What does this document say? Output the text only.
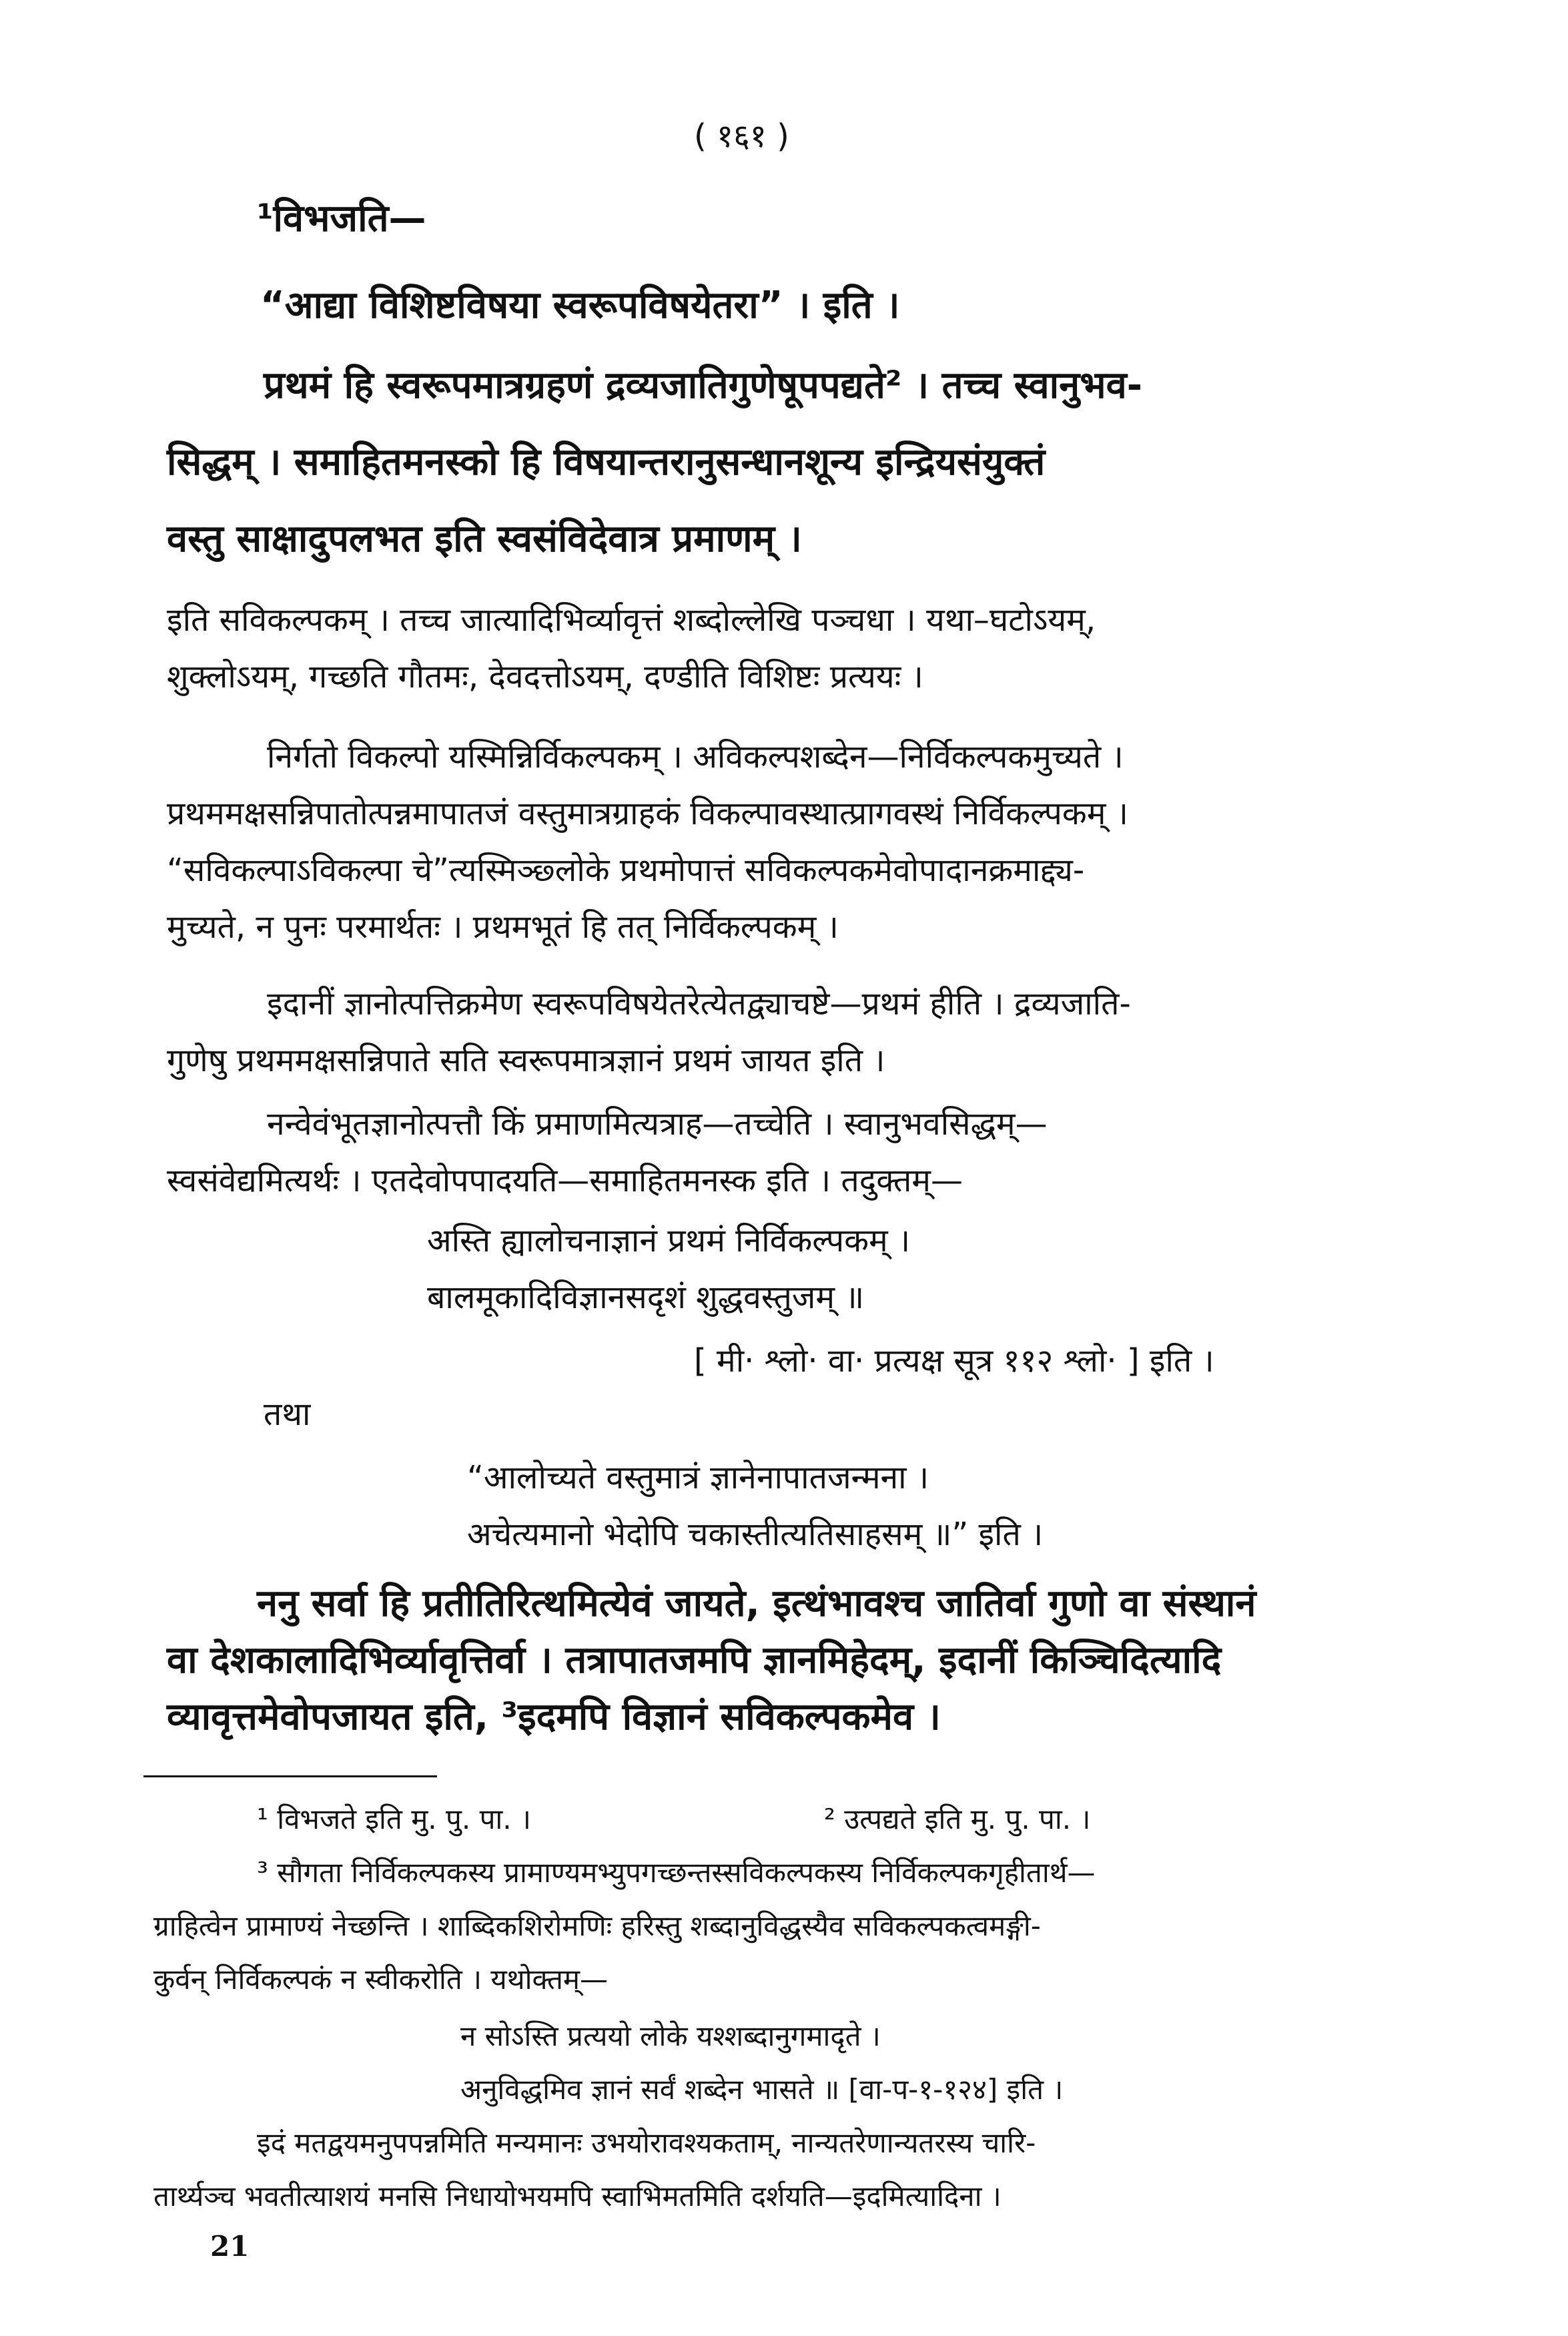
( १६१ )
¹विभजति—
“आद्या विशिष्टविषया स्वरूपविषयेतरा” । इति ।
प्रथमं हि स्वरूपमात्रग्रहणं द्रव्यजातिगुणेषूपपद्यते² । तच्च स्वानुभव-
सिद्धम् । समाहितमनस्को हि विषयान्तरानुसन्धानशून्य इन्द्रियसंयुक्तं
वस्तु साक्षादुपलभत इति स्वसंविदेवात्र प्रमाणम् ।
इति सविकल्पकम् । तच्च जात्यादिभिर्व्यावृत्तं शब्दोल्लेखि पञ्चधा । यथा–घटोऽयम्,
शुक्लोऽयम्, गच्छति गौतमः, देवदत्तोऽयम्, दण्डीति विशिष्टः प्रत्ययः ।
निर्गतो विकल्पो यस्मिन्निर्विकल्पकम् । अविकल्पशब्देन—निर्विकल्पकमुच्यते ।
प्रथममक्षसन्निपातोत्पन्नमापातजं वस्तुमात्रग्राहकं विकल्पावस्थात्प्रागवस्थं निर्विकल्पकम् ।
“सविकल्पाऽविकल्पा चे”त्यस्मिञ्छ्लोके प्रथमोपात्तं सविकल्पकमेवोपादानक्रमाद्द्य-
मुच्यते, न पुनः परमार्थतः । प्रथमभूतं हि तत् निर्विकल्पकम् ।
इदानीं ज्ञानोत्पत्तिक्रमेण स्वरूपविषयेतरेत्येतद्व्याचष्टे—प्रथमं हीति । द्रव्यजाति-
गुणेषु प्रथममक्षसन्निपाते सति स्वरूपमात्रज्ञानं प्रथमं जायत इति ।
नन्वेवंभूतज्ञानोत्पत्तौ किं प्रमाणमित्यत्राह—तच्चेति । स्वानुभवसिद्धम्—
स्वसंवेद्यमित्यर्थः । एतदेवोपपादयति—समाहितमनस्क इति । तदुक्तम्—
अस्ति ह्यालोचनाज्ञानं प्रथमं निर्विकल्पकम् ।
बालमूकादिविज्ञानसदृशं शुद्धवस्तुजम् ॥
[ मी· श्लो· वा· प्रत्यक्ष सूत्र ११२ श्लो· ] इति ।
तथा
“आलोच्यते वस्तुमात्रं ज्ञानेनापातजन्मना ।
अचेत्यमानो भेदोपि चकास्तीत्यतिसाहसम् ॥” इति ।
ननु सर्वा हि प्रतीतिरित्थमित्येवं जायते, इत्थंभावश्च जातिर्वा गुणो वा संस्थानं
वा देशकालादिभिर्व्यावृत्तिर्वा । तत्रापातजमपि ज्ञानमिहेदम्, इदानीं किञ्चिदित्यादि
व्यावृत्तमेवोपजायत इति, ³इदमपि विज्ञानं सविकल्पकमेव ।
¹ विभजते इति मु. पु. पा. ।	² उत्पद्यते इति मु. पु. पा. ।
³ सौगता निर्विकल्पकस्य प्रामाण्यमभ्युपगच्छन्तस्सविकल्पकस्य निर्विकल्पकगृहीतार्थ—
ग्राहित्वेन प्रामाण्यं नेच्छन्ति । शाब्दिकशिरोमणिः हरिस्तु शब्दानुविद्धस्यैव सविकल्पकत्वमङ्गी-
कुर्वन् निर्विकल्पकं न स्वीकरोति । यथोक्तम्—
न सोऽस्ति प्रत्ययो लोके यश्शब्दानुगमादृते ।
अनुविद्धमिव ज्ञानं सर्वं शब्देन भासते ॥ [वा-प-१-१२४] इति ।
इदं मतद्वयमनुपपन्नमिति मन्यमानः उभयोरावश्यकताम्, नान्यतरेणान्यतरस्य चारि-
तार्थ्यञ्च भवतीत्याशयं मनसि निधायोभयमपि स्वाभिमतमिति दर्शयति—इदमित्यादिना ।
21
